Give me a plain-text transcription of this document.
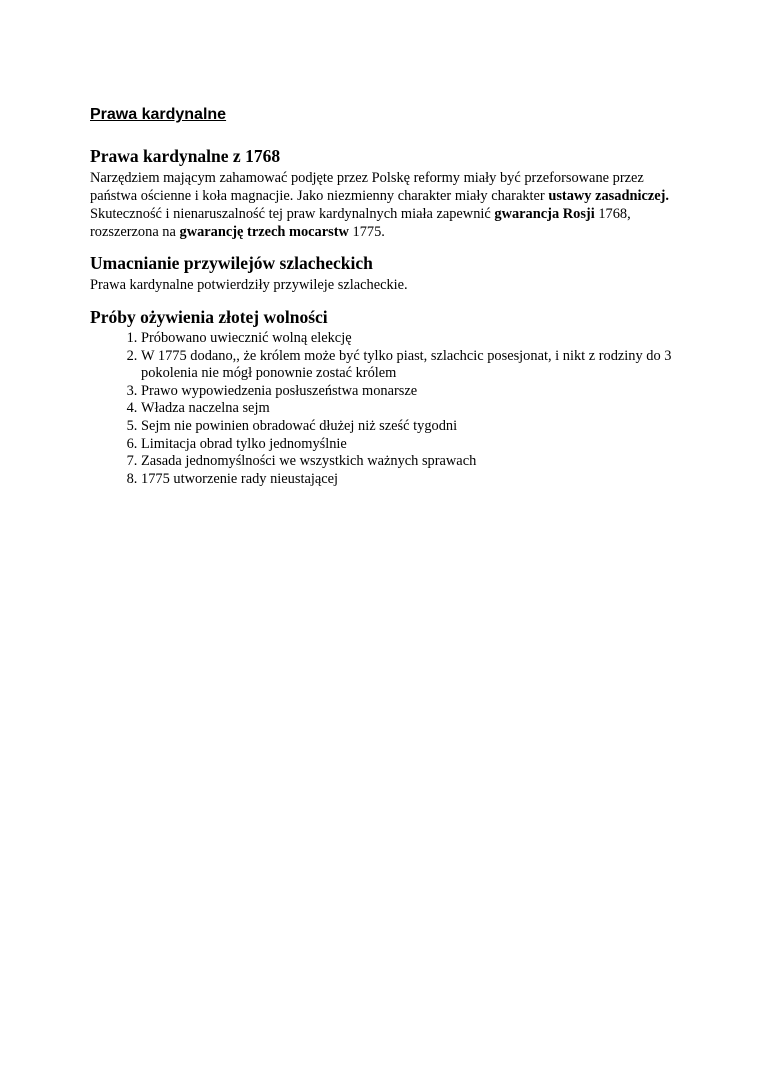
Prawa kardynalne
Prawa kardynalne z 1768

Narzędziem mającym zahamować podjęte przez Polskę reformy miały być przeforsowane przez państwa ościenne i koła magnacjie. Jako niezmienny charakter miały charakter ustawy zasadniczej. Skuteczność i nienaruszalność tej praw kardynalnych miała zapewnić gwarancja Rosji 1768, rozszerzona na gwarancję trzech mocarstw 1775.

Umacnianie przywilejów szlacheckich

Prawa kardynalne potwierdziły przywileje szlacheckie.

Próby ożywienia złotej wolności
1. Próbowano uwiecznić wolną elekcję
2. W 1775 dodano,, że królem może być tylko piast, szlachcic posesjonat, i nikt z rodziny do 3 pokolenia nie mógł ponownie zostać królem
3. Prawo wypowiedzenia posłuszeństwa monarsze
4. Władza naczelna sejm
5. Sejm nie powinien obradować dłużej niż sześć tygodni
6. Limitacja obrad tylko jednomyślnie
7. Zasada jednomyślności we wszystkich ważnych sprawach
8. 1775 utworzenie rady nieustającej
